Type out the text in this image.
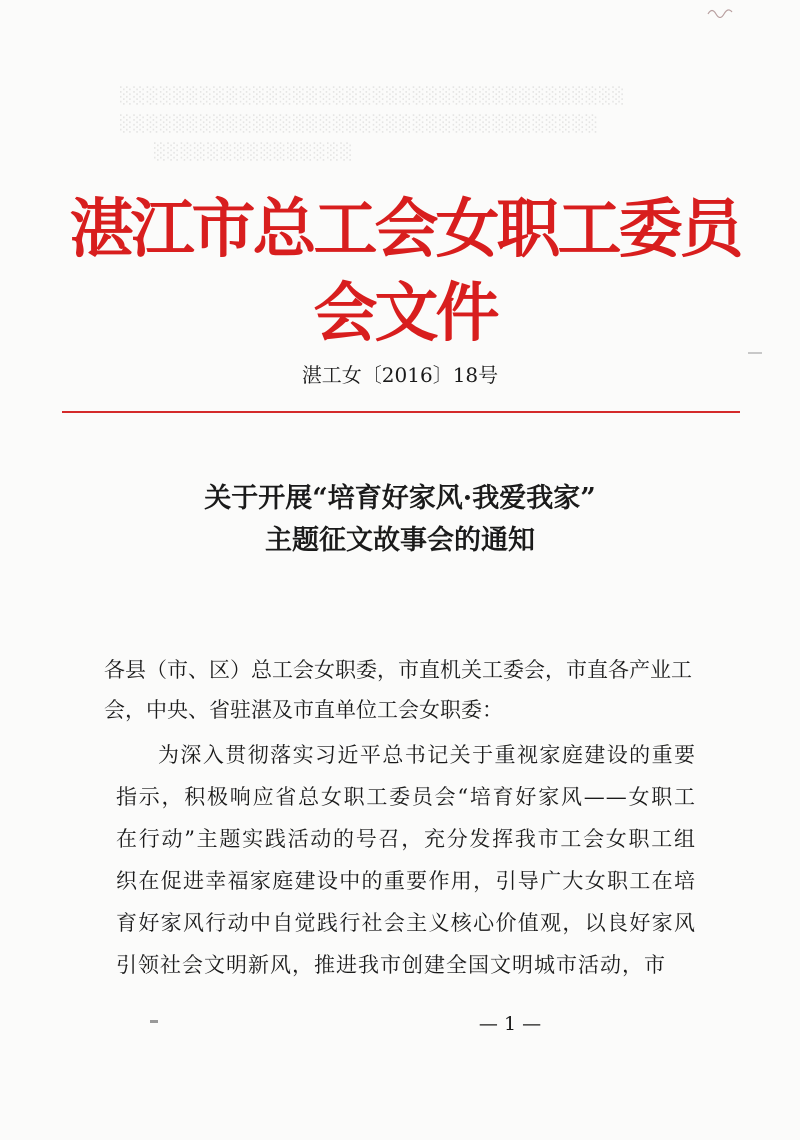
░░░░░░░░░░░░░░░░░░░░░░░░░░░░░░░░░░░░░░
░░░░░░░░░░░░░░░░░░░░░░░░░░░░░░░░░░░░
　　░░░░░░░░░░░░░░░
湛江市总工会女职工委员会文件
湛工女〔2016〕18号
关于开展“培育好家风·我爱我家”
主题征文故事会的通知
各县（市、区）总工会女职委，市直机关工委会，市直各产业工会，中央、省驻湛及市直单位工会女职委：
为深入贯彻落实习近平总书记关于重视家庭建设的重要指示，积极响应省总女职工委员会“培育好家风——女职工在行动”主题实践活动的号召，充分发挥我市工会女职工组织在促进幸福家庭建设中的重要作用，引导广大女职工在培育好家风行动中自觉践行社会主义核心价值观，以良好家风引领社会文明新风，推进我市创建全国文明城市活动，市
— 1 —
